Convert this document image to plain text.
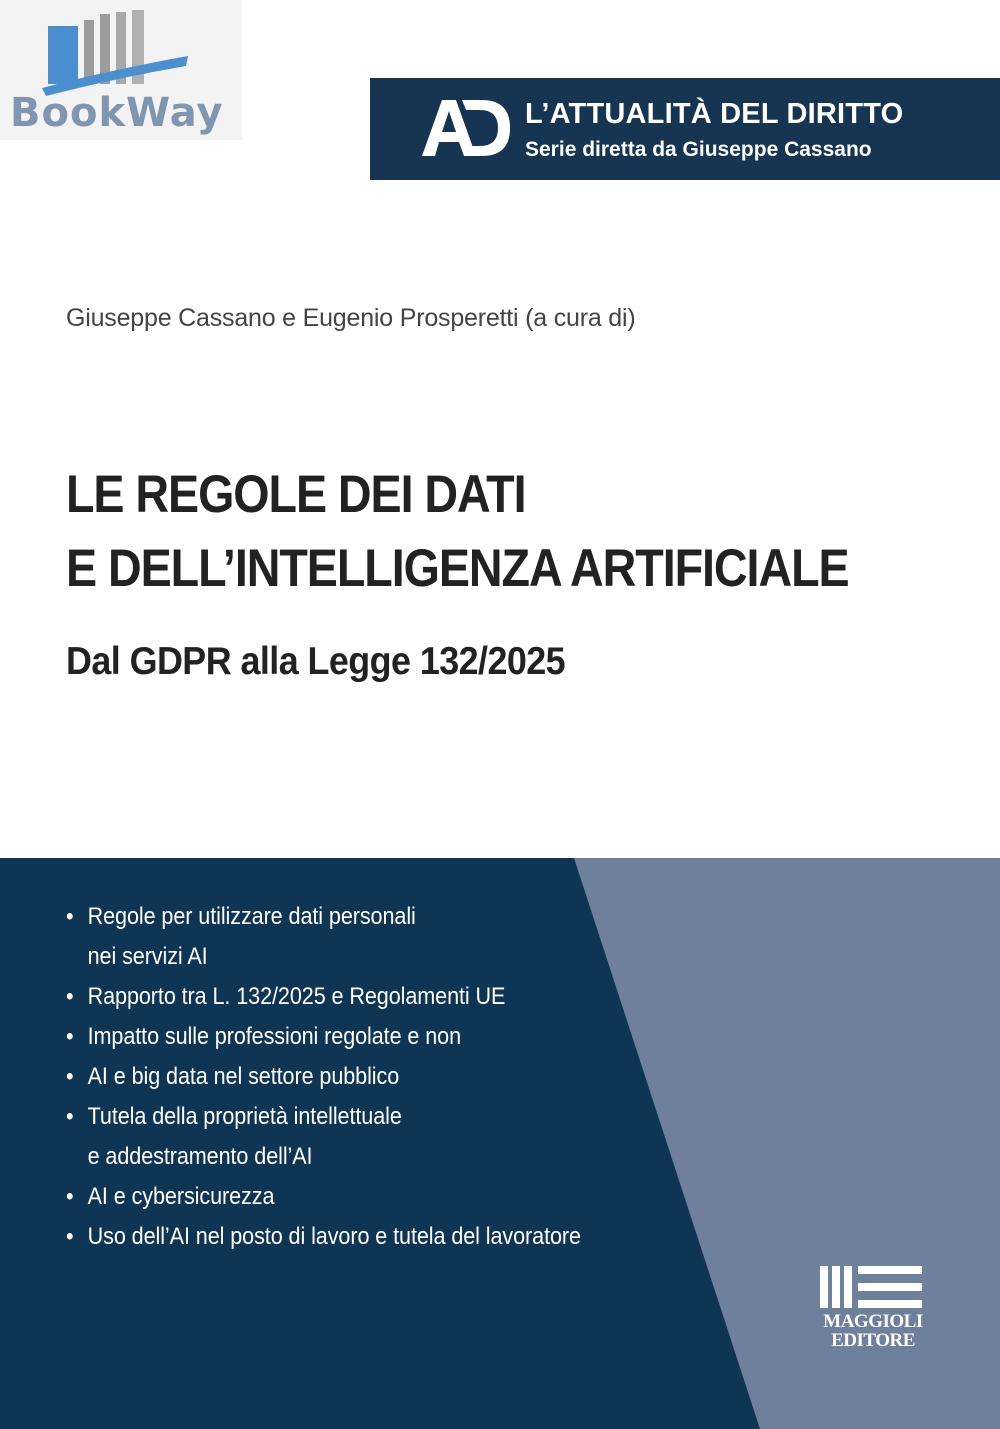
BookWay	L’ATTUALITÀ DEL DIRITTO
Serie diretta da Giuseppe Cassano
Giuseppe Cassano e Eugenio Prosperetti (a cura di)
LE REGOLE DEI DATI
E DELL’INTELLIGENZA ARTIFICIALE
Dal GDPR alla Legge 132/2025
• Regole per utilizzare dati personali
nei servizi AI
• Rapporto tra L. 132/2025 e Regolamenti UE
• Impatto sulle professioni regolate e non
• AI e big data nel settore pubblico
• Tutela della proprietà intellettuale
e addestramento dell’AI
• AI e cybersicurezza
• Uso dell’AI nel posto di lavoro e tutela del lavoratore
MAGGIOLI
EDITORE
